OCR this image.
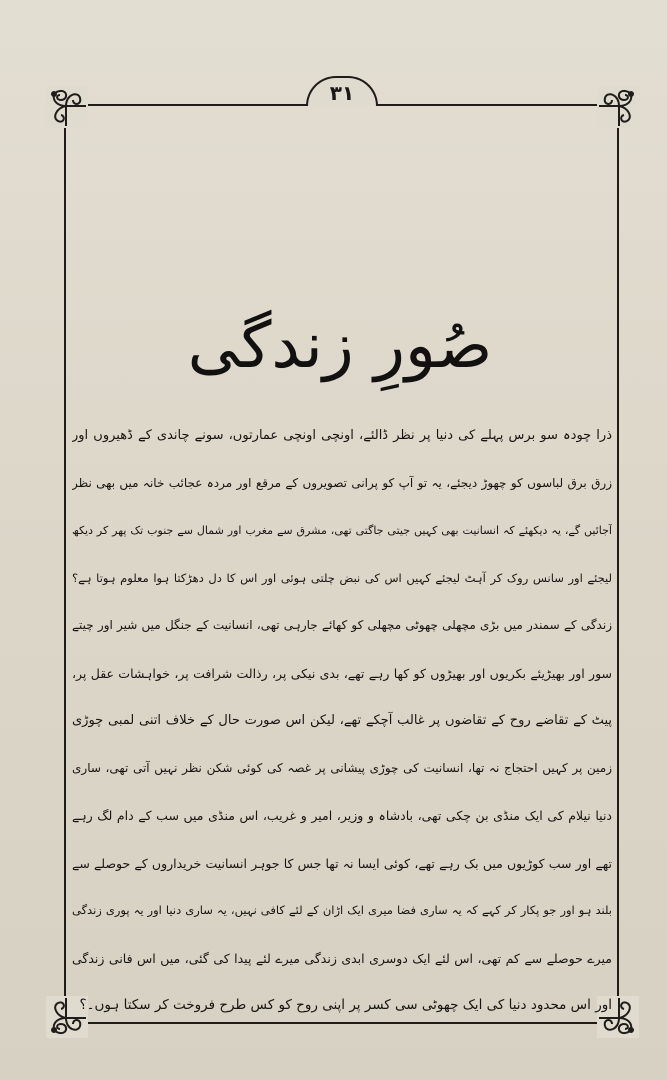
۳۱
صُورِ زندگی
ذرا چودہ سو برس پہلے کی دنیا پر نظر ڈالئے، اونچی اونچی عمارتوں، سونے چاندی کے ڈھیروں اور
زرق برق لباسوں کو چھوڑ دیجئے، یہ تو آپ کو پرانی تصویروں کے مرقع اور مردہ عجائب خانہ میں بھی نظر
آجائیں گے، یہ دیکھئے کہ انسانیت بھی کہیں جیتی جاگتی تھی، مشرق سے مغرب اور شمال سے جنوب تک پھر کر دیکھ
لیجئے اور سانس روک کر آہٹ لیجئے کہیں اس کی نبض چلتی ہوئی اور اس کا دل دھڑکتا ہوا معلوم ہوتا ہے؟
زندگی کے سمندر میں بڑی مچھلی چھوٹی مچھلی کو کھائے جارہی تھی، انسانیت کے جنگل میں شیر اور چیتے
سور اور بھیڑیئے بکریوں اور بھیڑوں کو کھا رہے تھے، بدی نیکی پر، رذالت شرافت پر، خواہشات عقل پر،
پیٹ کے تقاضے روح کے تقاضوں پر غالب آچکے تھے، لیکن اس صورت حال کے خلاف اتنی لمبی چوڑی
زمین پر کہیں احتجاج نہ تھا، انسانیت کی چوڑی پیشانی پر غصہ کی کوئی شکن نظر نہیں آتی تھی، ساری
دنیا نیلام کی ایک منڈی بن چکی تھی، بادشاہ و وزیر، امیر و غریب، اس منڈی میں سب کے دام لگ رہے
تھے اور سب کوڑیوں میں بک رہے تھے، کوئی ایسا نہ تھا جس کا جوہر انسانیت خریداروں کے حوصلے سے
بلند ہو اور جو پکار کر کہے کہ یہ ساری فضا میری ایک اڑان کے لئے کافی نہیں، یہ ساری دنیا اور یہ پوری زندگی
میرے حوصلے سے کم تھی، اس لئے ایک دوسری ابدی زندگی میرے لئے پیدا کی گئی، میں اس فانی زندگی
اور اس محدود دنیا کی ایک چھوٹی سی کسر پر اپنی روح کو کس طرح فروخت کر سکتا ہوں۔؟
